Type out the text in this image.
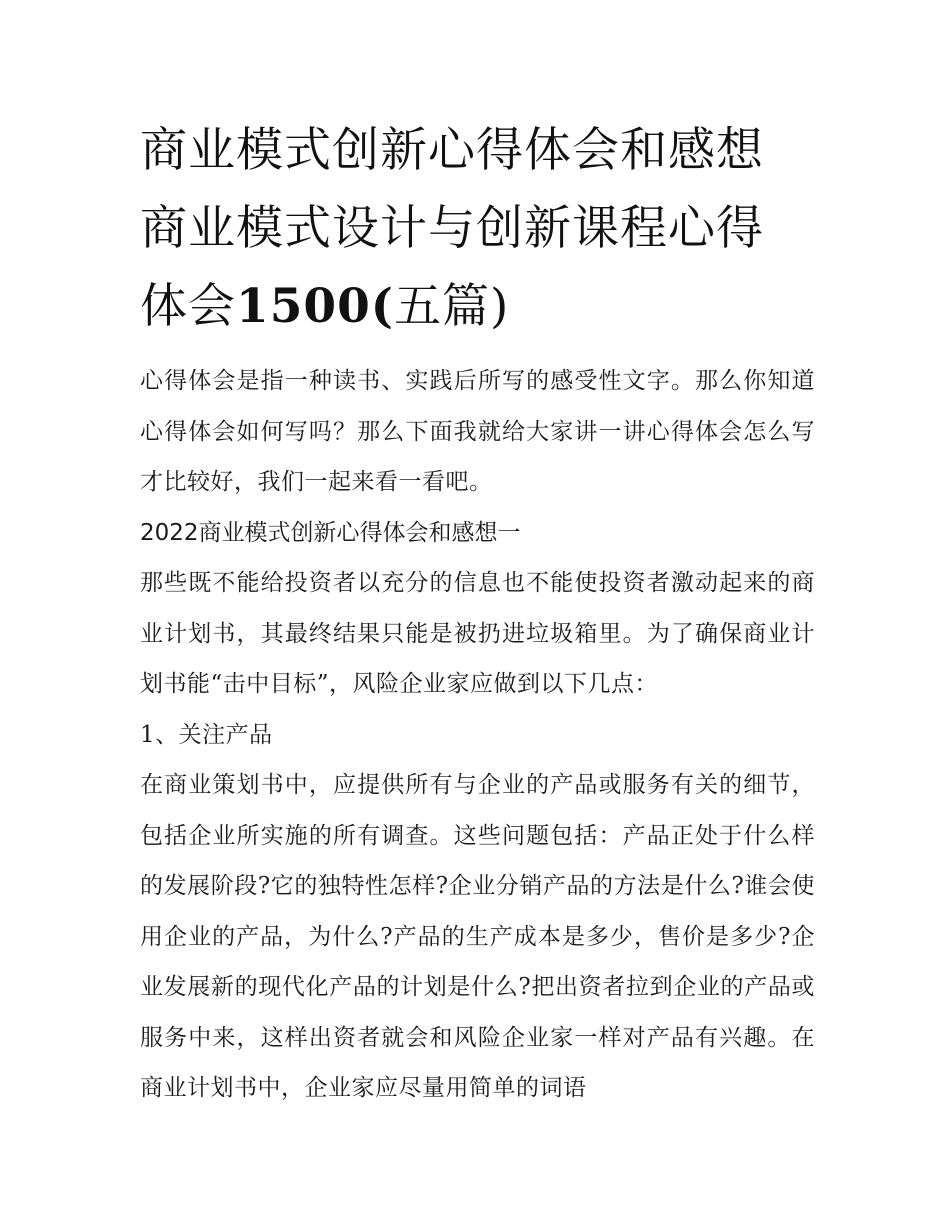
商业模式创新心得体会和感想
商业模式设计与创新课程心得
体会1500(五篇)

心得体会是指一种读书、实践后所写的感受性文字。那么你知道心得体会如何写吗？那么下面我就给大家讲一讲心得体会怎么写才比较好，我们一起来看一看吧。

2022商业模式创新心得体会和感想一

那些既不能给投资者以充分的信息也不能使投资者激动起来的商业计划书，其最终结果只能是被扔进垃圾箱里。为了确保商业计划书能“击中目标”，风险企业家应做到以下几点：

1、关注产品

在商业策划书中，应提供所有与企业的产品或服务有关的细节，包括企业所实施的所有调查。这些问题包括：产品正处于什么样的发展阶段?它的独特性怎样?企业分销产品的方法是什么?谁会使用企业的产品，为什么?产品的生产成本是多少，售价是多少?企业发展新的现代化产品的计划是什么?把出资者拉到企业的产品或服务中来，这样出资者就会和风险企业家一样对产品有兴趣。在商业计划书中，企业家应尽量用简单的词语
